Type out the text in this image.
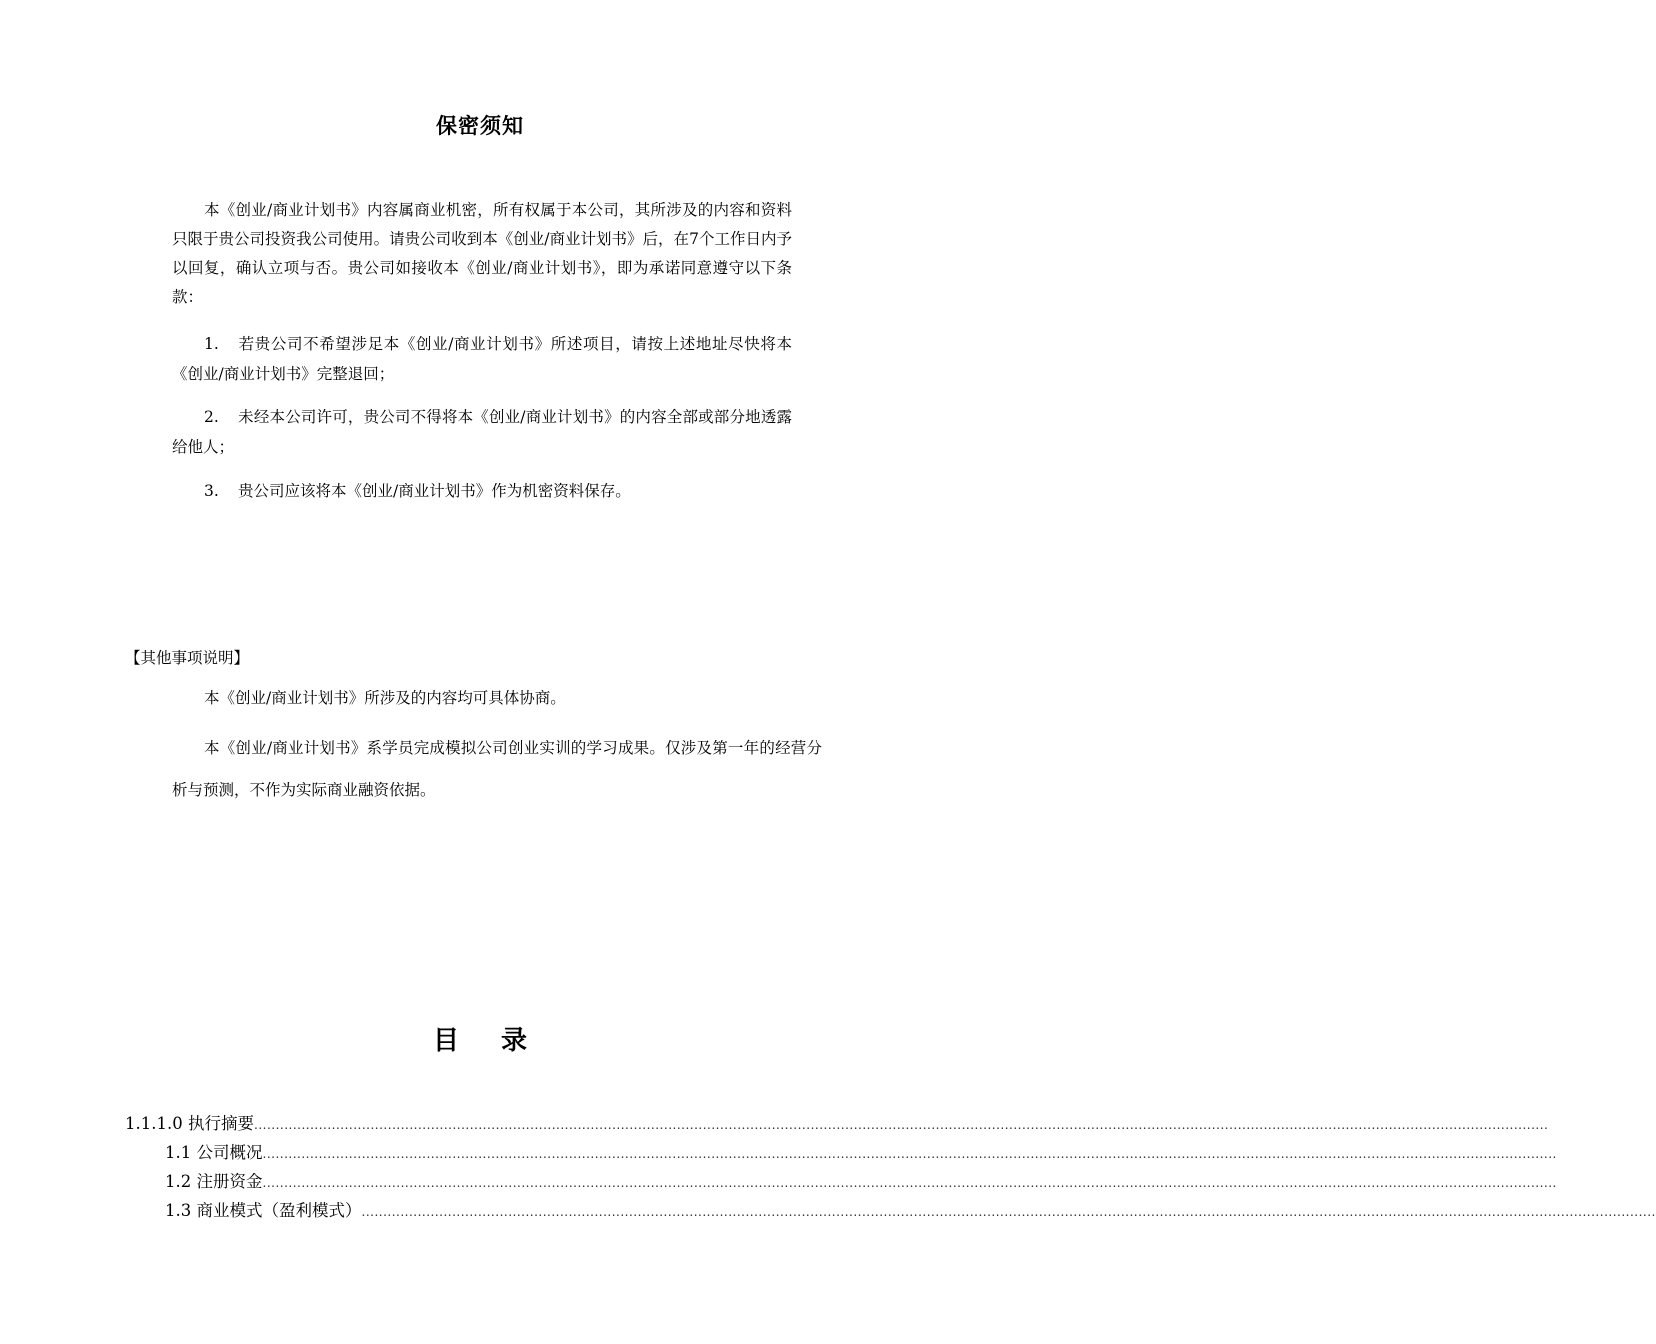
保密须知
本《创业/商业计划书》内容属商业机密，所有权属于本公司，其所涉及的内容和资料只限于贵公司投资我公司使用。请贵公司收到本《创业/商业计划书》后，在7个工作日内予以回复，确认立项与否。贵公司如接收本《创业/商业计划书》，即为承诺同意遵守以下条款：
1. 若贵公司不希望涉足本《创业/商业计划书》所述项目，请按上述地址尽快将本《创业/商业计划书》完整退回；
2. 未经本公司许可，贵公司不得将本《创业/商业计划书》的内容全部或部分地透露给他人；
3. 贵公司应该将本《创业/商业计划书》作为机密资料保存。
【其他事项说明】
本《创业/商业计划书》所涉及的内容均可具体协商。
本《创业/商业计划书》系学员完成模拟公司创业实训的学习成果。仅涉及第一年的经营分析与预测，不作为实际商业融资依据。
目 录
1.1. 1.0 执行摘要 ............................................................................................................................................................................................................................................................................................................
1.1 公司概况 ............................................................................................................................................................................................................................................................................................................
1.2 注册资金 ............................................................................................................................................................................................................................................................................................................
1.3 商业模式（盈利模式） ............................................................................................................................................................................................................................................................................................................
